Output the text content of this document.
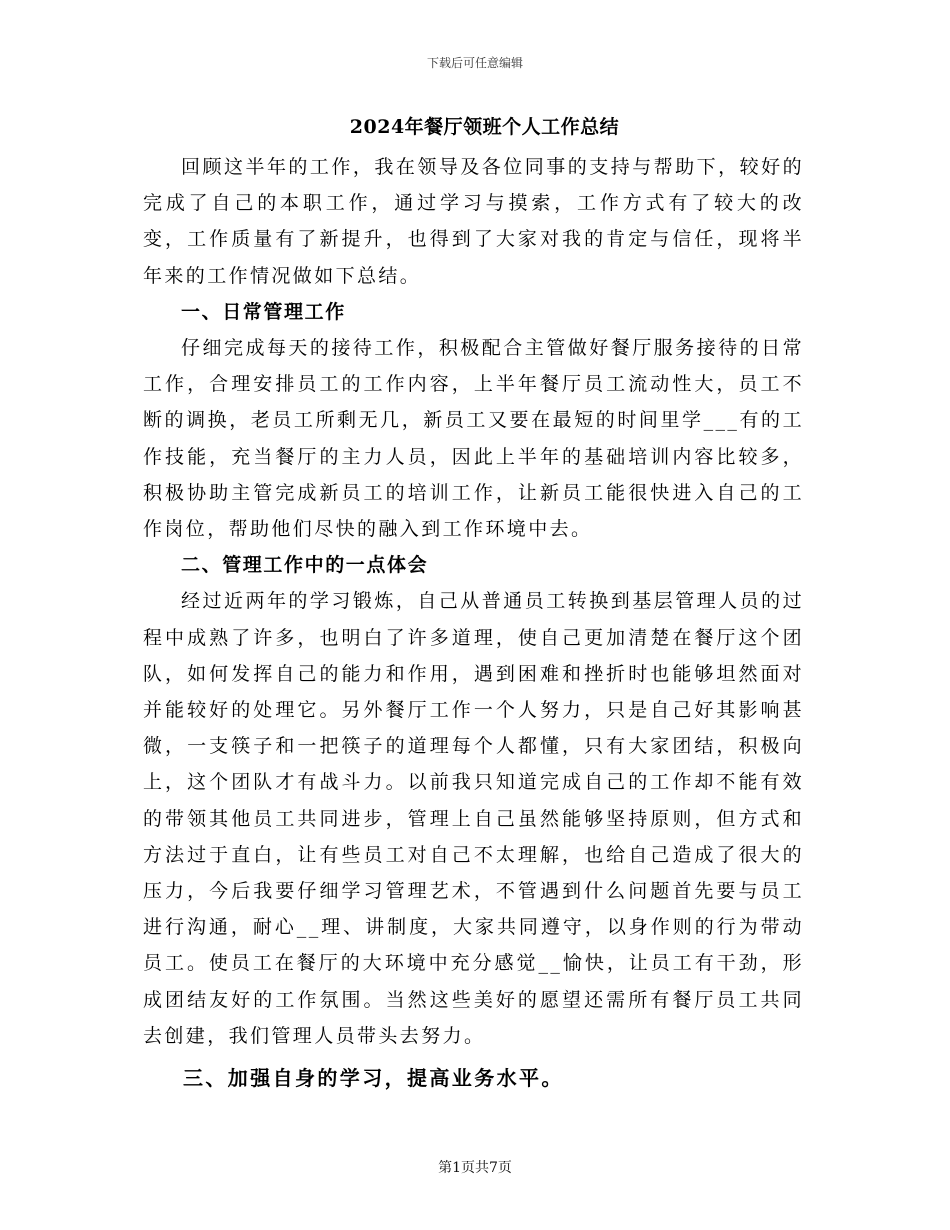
下载后可任意编辑
2024年餐厅领班个人工作总结

回顾这半年的工作，我在领导及各位同事的支持与帮助下，较好的完成了自己的本职工作，通过学习与摸索，工作方式有了较大的改变，工作质量有了新提升，也得到了大家对我的肯定与信任，现将半年来的工作情况做如下总结。

一、日常管理工作

仔细完成每天的接待工作，积极配合主管做好餐厅服务接待的日常工作，合理安排员工的工作内容，上半年餐厅员工流动性大，员工不断的调换，老员工所剩无几，新员工又要在最短的时间里学___有的工作技能，充当餐厅的主力人员，因此上半年的基础培训内容比较多，积极协助主管完成新员工的培训工作，让新员工能很快进入自己的工作岗位，帮助他们尽快的融入到工作环境中去。

二、管理工作中的一点体会

经过近两年的学习锻炼，自己从普通员工转换到基层管理人员的过程中成熟了许多，也明白了许多道理，使自己更加清楚在餐厅这个团队，如何发挥自己的能力和作用，遇到困难和挫折时也能够坦然面对并能较好的处理它。另外餐厅工作一个人努力，只是自己好其影响甚微，一支筷子和一把筷子的道理每个人都懂，只有大家团结，积极向上，这个团队才有战斗力。以前我只知道完成自己的工作却不能有效的带领其他员工共同进步，管理上自己虽然能够坚持原则，但方式和方法过于直白，让有些员工对自己不太理解，也给自己造成了很大的压力，今后我要仔细学习管理艺术，不管遇到什么问题首先要与员工进行沟通，耐心__理、讲制度，大家共同遵守，以身作则的行为带动员工。使员工在餐厅的大环境中充分感觉__愉快，让员工有干劲，形成团结友好的工作氛围。当然这些美好的愿望还需所有餐厅员工共同去创建，我们管理人员带头去努力。

三、加强自身的学习，提高业务水平。

第1页共7页
